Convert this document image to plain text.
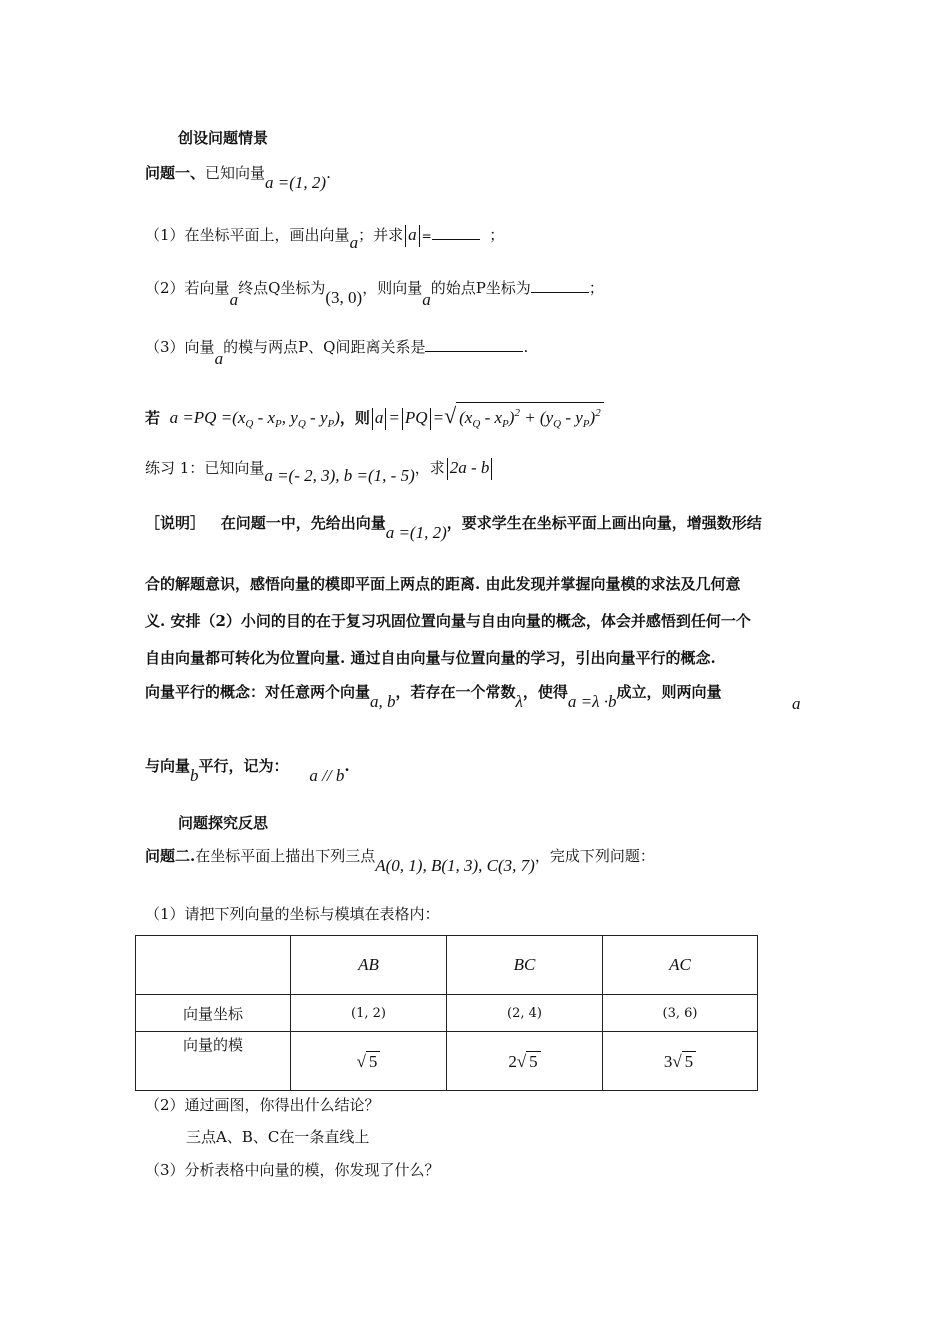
创设问题情景
问题一、已知向量a =(1, 2).
（1）在坐标平面上，画出向量a；并求 a =	；
（2）若向量a终点Q坐标为(3, 0)，则向量a的始点P坐标为	；
（3）向量a的模与两点P、Q间距离关系是	.
若 $a =PQ =(x_Q - x_P$, $y_Q - y_P$)，则 a = PQ =√ $(x_Q - x_P)^2 + (y_Q - y_P)^2$
练习 1：已知向量a =(- 2, 3), b =(1, - 5)，求 2a - b
［说明］ 在问题一中，先给出向量a =(1, 2)，要求学生在坐标平面上画出向量，增强数形结
合的解题意识，感悟向量的模即平面上两点的距离. 由此发现并掌握向量模的求法及几何意
义. 安排（2）小问的目的在于复习巩固位置向量与自由向量的概念，体会并感悟到任何一个
自由向量都可转化为位置向量. 通过自由向量与位置向量的学习，引出向量平行的概念.
向量平行的概念：对任意两个向量a, b，若存在一个常数λ，使得a =λ ·b成立，则两向量
a
与向量b平行，记为： a // b.
问题探究反思
问题二.在坐标平面上描出下列三点A(0, 1), B(1, 3), C(3, 7)，完成下列问题：
（1）请把下列向量的坐标与模填在表格内：
	AB	BC	AC
向量坐标	(1, 2)	(2, 4)	(3, 6)
向量的模	√ 5	2√ 5	3√ 5
（2）通过画图，你得出什么结论？
三点A、B、C在一条直线上
（3）分析表格中向量的模，你发现了什么？
